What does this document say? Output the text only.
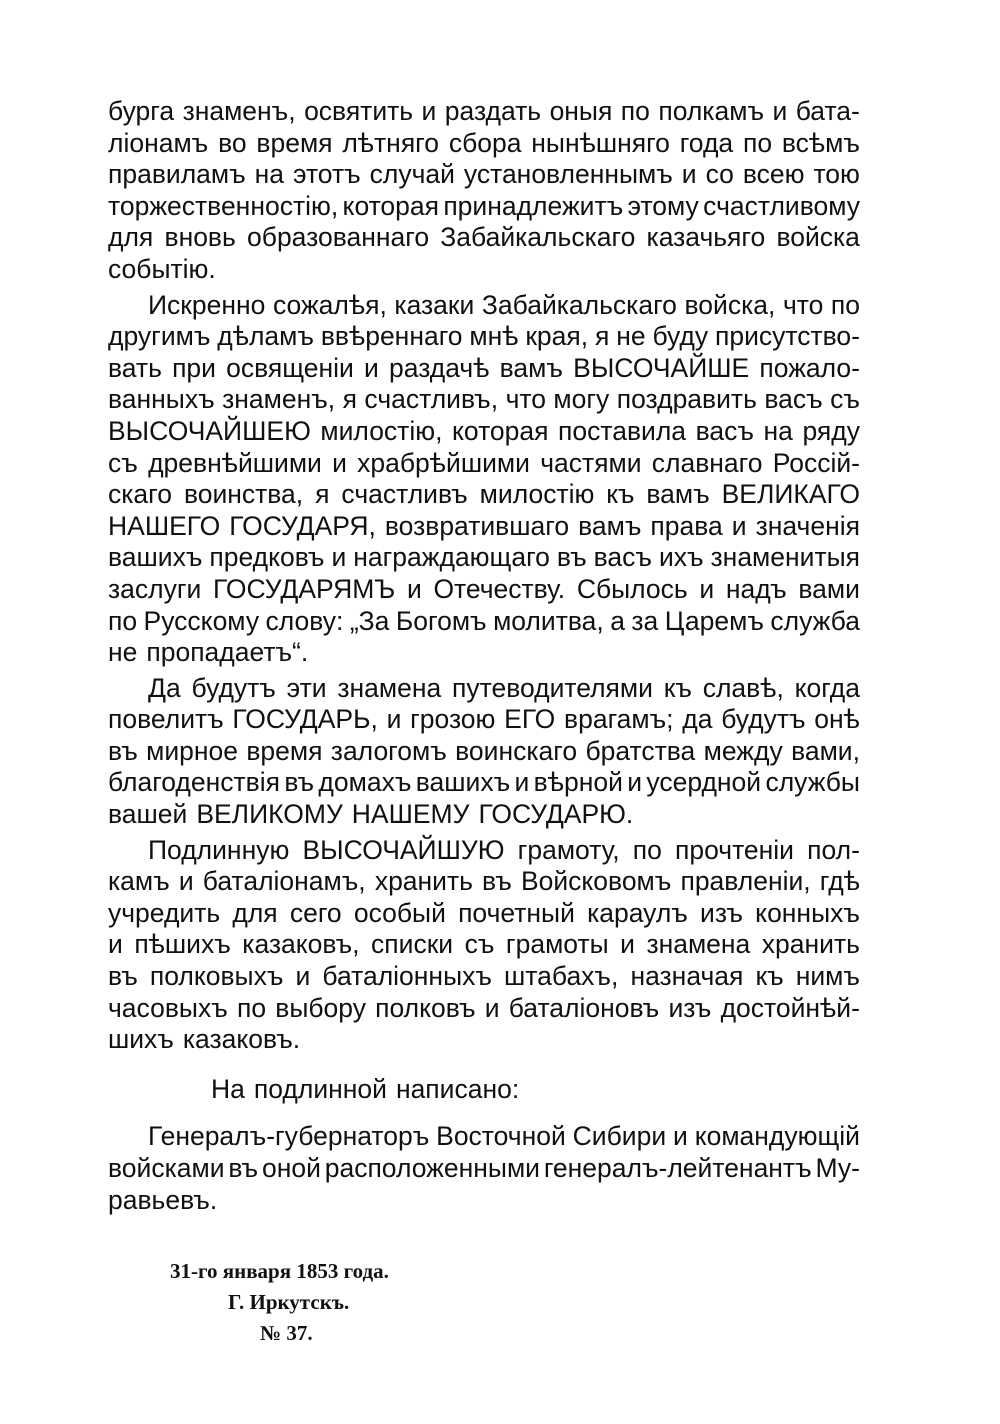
бурга знаменъ, освятить и раздать оныя по полкамъ и бата-
ліонамъ во время лѣтняго сбора нынѣшняго года по всѣмъ
правиламъ на этотъ случай установленнымъ и со всею тою
торжественностію, которая принадлежитъ этому счастливому
для вновь образованнаго Забайкальскаго казачьяго войска
событію.
Искренно сожалѣя, казаки Забайкальскаго войска, что по
другимъ дѣламъ ввѣреннаго мнѣ края, я не буду присутство-
вать при освященіи и раздачѣ вамъ ВЫСОЧАЙШЕ пожало-
ванныхъ знаменъ, я счастливъ, что могу поздравить васъ съ
ВЫСОЧАЙШЕЮ милостію, которая поставила васъ на ряду
съ древнѣйшими и храбрѣйшими частями славнаго Россій-
скаго воинства, я счастливъ милостію къ вамъ ВЕЛИКАГО
НАШЕГО ГОСУДАРЯ, возвратившаго вамъ права и значенія
вашихъ предковъ и награждающаго въ васъ ихъ знаменитыя
заслуги ГОСУДАРЯМЪ и Отечеству. Сбылось и надъ вами
по Русскому слову: „За Богомъ молитва, а за Царемъ служба
не пропадаетъ“.
Да будутъ эти знамена путеводителями къ славѣ, когда
повелитъ ГОСУДАРЬ, и грозою ЕГО врагамъ; да будутъ онѣ
въ мирное время залогомъ воинскаго братства между вами,
благоденствія въ домахъ вашихъ и вѣрной и усердной службы
вашей ВЕЛИКОМУ НАШЕМУ ГОСУДАРЮ.
Подлинную ВЫСОЧАЙШУЮ грамоту, по прочтеніи пол-
камъ и баталіонамъ, хранить въ Войсковомъ правленіи, гдѣ
учредить для сего особый почетный караулъ изъ конныхъ
и пѣшихъ казаковъ, списки съ грамоты и знамена хранить
въ полковыхъ и баталіонныхъ штабахъ, назначая къ нимъ
часовыхъ по выбору полковъ и баталіоновъ изъ достойнѣй-
шихъ казаковъ.
На подлинной написано:
Генералъ-губернаторъ Восточной Сибири и командующій
войсками въ оной расположенными генералъ-лейтенантъ Му-
равьевъ.
31-го января 1853 года.
Г. Иркутскъ.
№ 37.
